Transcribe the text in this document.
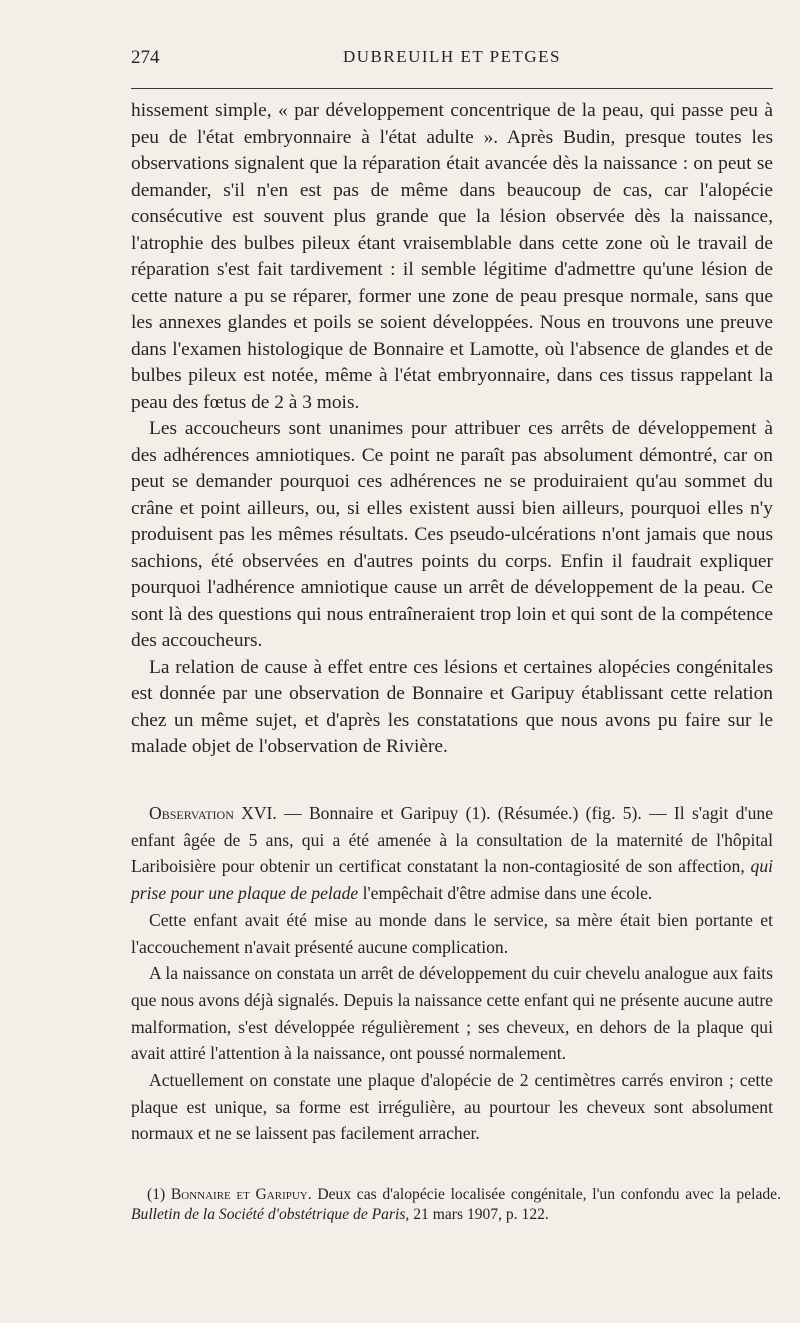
274	DUBREUILH ET PETGES

hissement simple, « par développement concentrique de la peau, qui passe peu à peu de l'état embryonnaire à l'état adulte ». Après Budin, presque toutes les observations signalent que la réparation était avancée dès la naissance : on peut se demander, s'il n'en est pas de même dans beaucoup de cas, car l'alopécie consécutive est souvent plus grande que la lésion observée dès la naissance, l'atrophie des bulbes pileux étant vraisemblable dans cette zone où le travail de réparation s'est fait tardivement : il semble légitime d'admettre qu'une lésion de cette nature a pu se réparer, former une zone de peau presque normale, sans que les annexes glandes et poils se soient développées. Nous en trouvons une preuve dans l'examen histologique de Bonnaire et Lamotte, où l'absence de glandes et de bulbes pileux est notée, même à l'état embryonnaire, dans ces tissus rappelant la peau des fœtus de 2 à 3 mois.

Les accoucheurs sont unanimes pour attribuer ces arrêts de développement à des adhérences amniotiques. Ce point ne paraît pas absolument démontré, car on peut se demander pourquoi ces adhérences ne se produiraient qu'au sommet du crâne et point ailleurs, ou, si elles existent aussi bien ailleurs, pourquoi elles n'y produisent pas les mêmes résultats. Ces pseudo-ulcérations n'ont jamais que nous sachions, été observées en d'autres points du corps. Enfin il faudrait expliquer pourquoi l'adhérence amniotique cause un arrêt de développement de la peau. Ce sont là des questions qui nous entraîneraient trop loin et qui sont de la compétence des accoucheurs.

La relation de cause à effet entre ces lésions et certaines alopécies congénitales est donnée par une observation de Bonnaire et Garipuy établissant cette relation chez un même sujet, et d'après les constatations que nous avons pu faire sur le malade objet de l'observation de Rivière.

Observation XVI. — Bonnaire et Garipuy (1). (Résumée.) (fig. 5). — Il s'agit d'une enfant âgée de 5 ans, qui a été amenée à la consultation de la maternité de l'hôpital Lariboisière pour obtenir un certificat constatant la non-contagiosité de son affection, qui prise pour une plaque de pelade l'empêchait d'être admise dans une école.

Cette enfant avait été mise au monde dans le service, sa mère était bien portante et l'accouchement n'avait présenté aucune complication.

A la naissance on constata un arrêt de développement du cuir chevelu analogue aux faits que nous avons déjà signalés. Depuis la naissance cette enfant qui ne présente aucune autre malformation, s'est développée régulièrement ; ses cheveux, en dehors de la plaque qui avait attiré l'attention à la naissance, ont poussé normalement.

Actuellement on constate une plaque d'alopécie de 2 centimètres carrés environ ; cette plaque est unique, sa forme est irrégulière, au pourtour les cheveux sont absolument normaux et ne se laissent pas facilement arracher.

(1) Bonnaire et Garipuy. Deux cas d'alopécie localisée congénitale, l'un confondu avec la pelade. Bulletin de la Société d'obstétrique de Paris, 21 mars 1907, p. 122.
